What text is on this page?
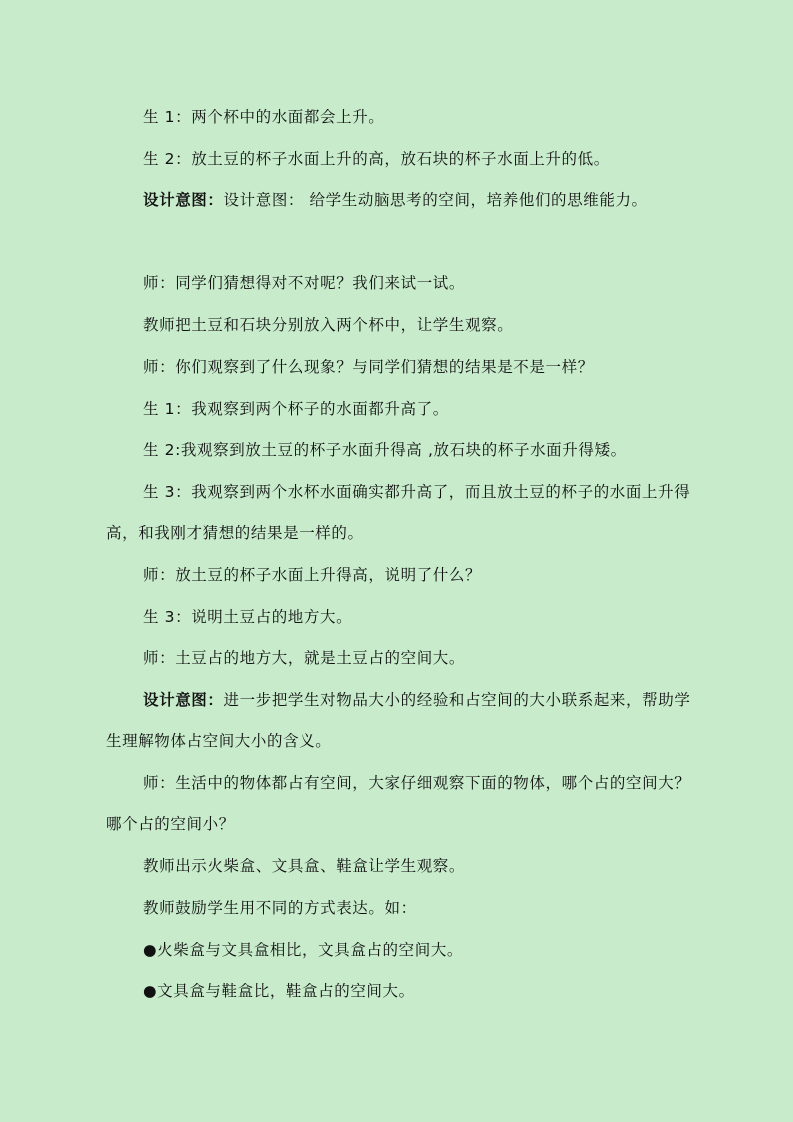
生 1：两个杯中的水面都会上升。
生 2：放土豆的杯子水面上升的高，放石块的杯子水面上升的低。
设计意图：设计意图： 给学生动脑思考的空间，培养他们的思维能力。
师：同学们猜想得对不对呢？我们来试一试。
教师把土豆和石块分别放入两个杯中，让学生观察。
师：你们观察到了什么现象？与同学们猜想的结果是不是一样？
生 1：我观察到两个杯子的水面都升高了。
生 2:我观察到放土豆的杯子水面升得高 ,放石块的杯子水面升得矮。
生 3：我观察到两个水杯水面确实都升高了，而且放土豆的杯子的水面上升得高，和我刚才猜想的结果是一样的。
师：放土豆的杯子水面上升得高，说明了什么？
生 3：说明土豆占的地方大。
师：土豆占的地方大，就是土豆占的空间大。
设计意图：进一步把学生对物品大小的经验和占空间的大小联系起来，帮助学生理解物体占空间大小的含义。
师：生活中的物体都占有空间，大家仔细观察下面的物体，哪个占的空间大？哪个占的空间小？
教师出示火柴盒、文具盒、鞋盒让学生观察。
教师鼓励学生用不同的方式表达。如：
●火柴盒与文具盒相比，文具盒占的空间大。
●文具盒与鞋盒比，鞋盒占的空间大。
